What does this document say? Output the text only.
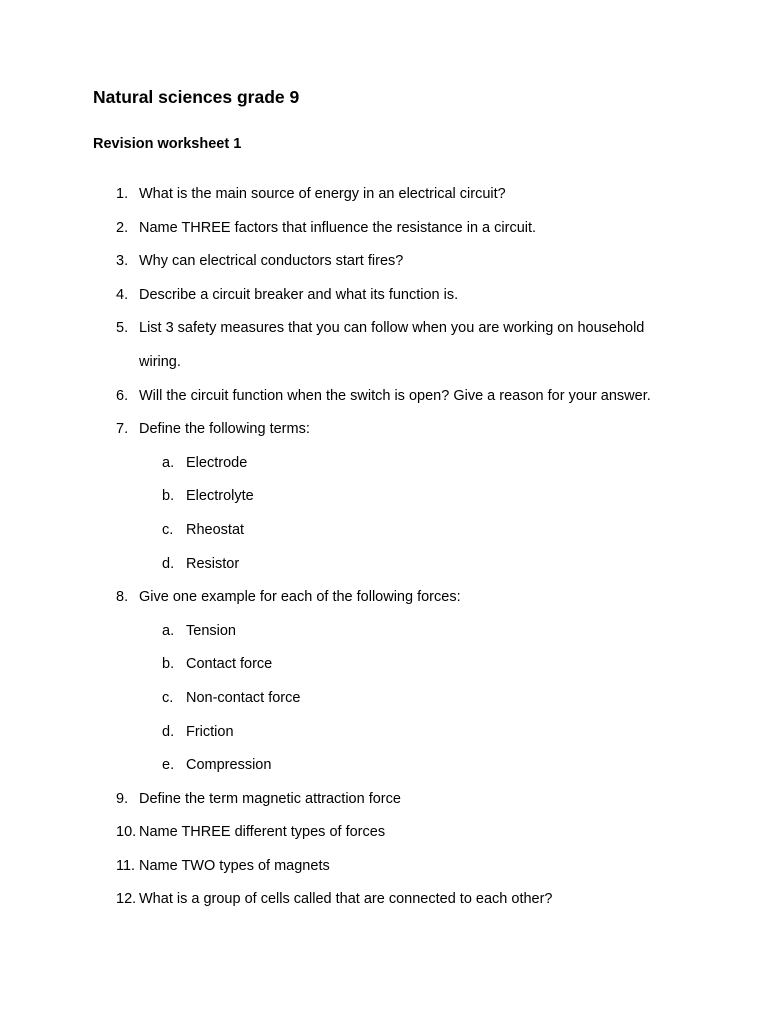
Natural sciences grade 9
Revision worksheet 1
1. What is the main source of energy in an electrical circuit?
2. Name THREE factors that influence the resistance in a circuit.
3. Why can electrical conductors start fires?
4. Describe a circuit breaker and what its function is.
5. List 3 safety measures that you can follow when you are working on household wiring.
6. Will the circuit function when the switch is open? Give a reason for your answer.
7. Define the following terms:
a. Electrode
b. Electrolyte
c. Rheostat
d. Resistor
8. Give one example for each of the following forces:
a. Tension
b. Contact force
c. Non-contact force
d. Friction
e. Compression
9. Define the term magnetic attraction force
10. Name THREE different types of forces
11. Name TWO types of magnets
12. What is a group of cells called that are connected to each other?
